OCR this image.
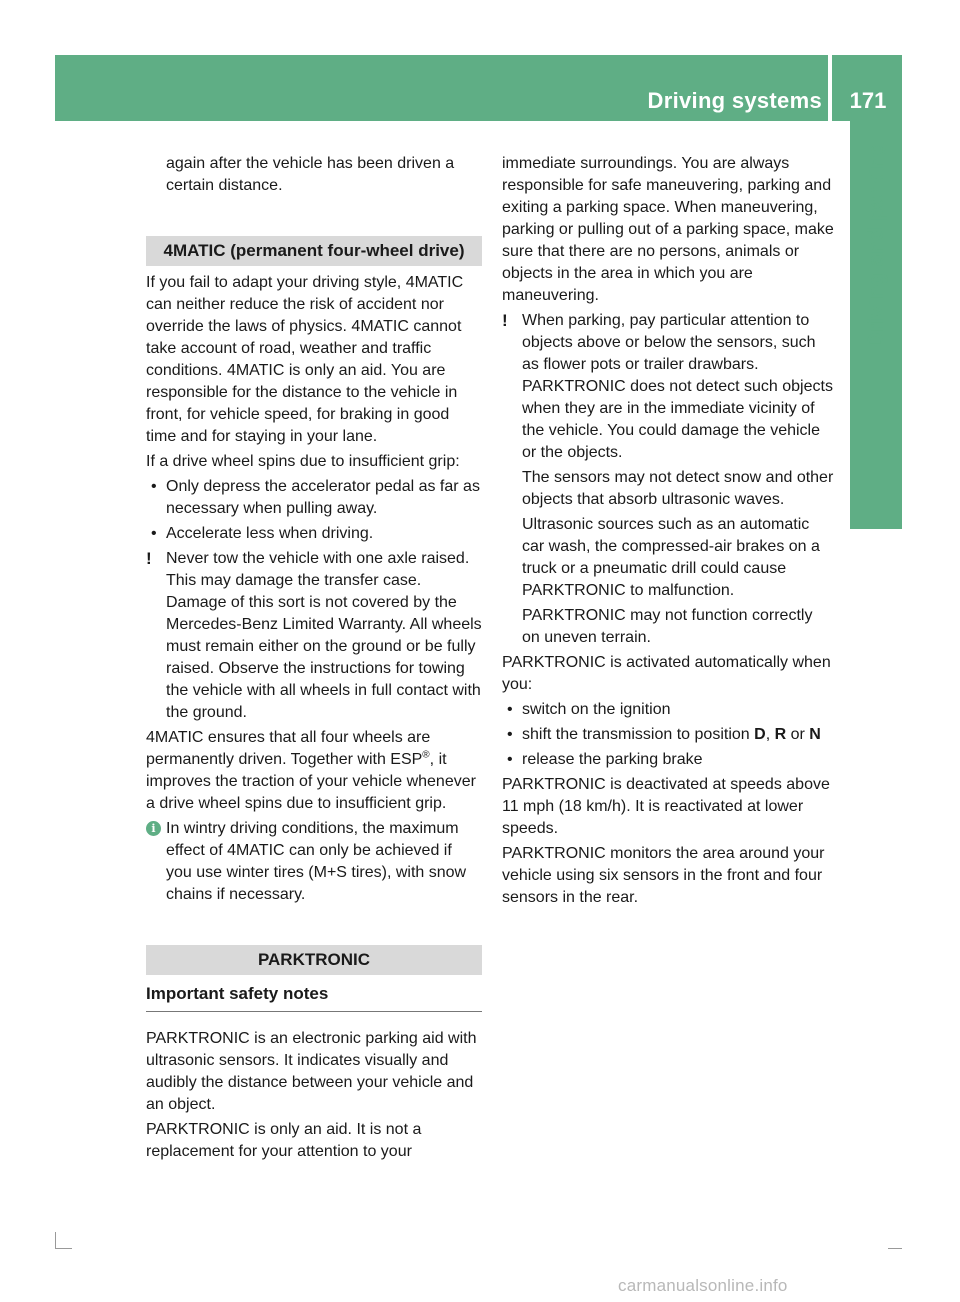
Driving systems	171
Driving and parking

again after the vehicle has been driven a certain distance.

4MATIC (permanent four-wheel drive)

If you fail to adapt your driving style, 4MATIC can neither reduce the risk of accident nor override the laws of physics. 4MATIC cannot take account of road, weather and traffic conditions. 4MATIC is only an aid. You are responsible for the distance to the vehicle in front, for vehicle speed, for braking in good time and for staying in your lane.

If a drive wheel spins due to insufficient grip:

• Only depress the accelerator pedal as far as necessary when pulling away.

• Accelerate less when driving.

! Never tow the vehicle with one axle raised. This may damage the transfer case. Damage of this sort is not covered by the Mercedes-Benz Limited Warranty. All wheels must remain either on the ground or be fully raised. Observe the instructions for towing the vehicle with all wheels in full contact with the ground.

4MATIC ensures that all four wheels are permanently driven. Together with ESP®, it improves the traction of your vehicle whenever a drive wheel spins due to insufficient grip.

i In wintry driving conditions, the maximum effect of 4MATIC can only be achieved if you use winter tires (M+S tires), with snow chains if necessary.

PARKTRONIC
Important safety notes

PARKTRONIC is an electronic parking aid with ultrasonic sensors. It indicates visually and audibly the distance between your vehicle and an object.

PARKTRONIC is only an aid. It is not a replacement for your attention to your

immediate surroundings. You are always responsible for safe maneuvering, parking and exiting a parking space. When maneuvering, parking or pulling out of a parking space, make sure that there are no persons, animals or objects in the area in which you are maneuvering.

! When parking, pay particular attention to objects above or below the sensors, such as flower pots or trailer drawbars. PARKTRONIC does not detect such objects when they are in the immediate vicinity of the vehicle. You could damage the vehicle or the objects.

The sensors may not detect snow and other objects that absorb ultrasonic waves.

Ultrasonic sources such as an automatic car wash, the compressed-air brakes on a truck or a pneumatic drill could cause PARKTRONIC to malfunction.

PARKTRONIC may not function correctly on uneven terrain.

PARKTRONIC is activated automatically when you:

• switch on the ignition

• shift the transmission to position D, R or N

• release the parking brake

PARKTRONIC is deactivated at speeds above 11 mph (18 km/h). It is reactivated at lower speeds.

PARKTRONIC monitors the area around your vehicle using six sensors in the front and four sensors in the rear.

carmanualsonline.info
